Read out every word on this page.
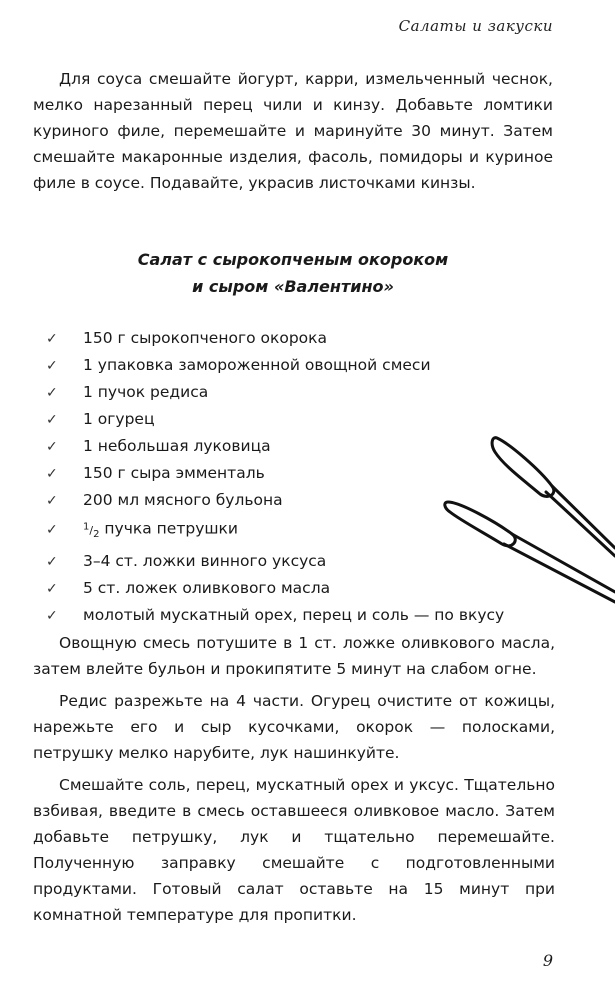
Салаты и закуски

Для соуса смешайте йогурт, карри, измельченный чеснок, мелко нарезанный перец чили и кинзу. Добавьте ломтики куриного филе, перемешайте и маринуйте 30 минут. Затем смешайте макаронные изделия, фасоль, помидоры и куриное филе в соусе. Подавайте, украсив листочками кинзы.

Салат с сырокопченым окороком
и сыром «Валентино»
✓	150 г сырокопченого окорока
✓	1 упаковка замороженной овощной смеси
✓	1 пучок редиса
✓	1 огурец
✓	1 небольшая луковица
✓	150 г сыра эмменталь
✓	200 мл мясного бульона
✓	$^1/_2$ пучка петрушки
✓	3–4 ст. ложки винного уксуса
✓	5 ст. ложек оливкового масла
✓	молотый мускатный орех, перец и соль — по вкусу

Овощную смесь потушите в 1 ст. ложке оливкового масла, затем влейте бульон и прокипятите 5 минут на слабом огне.

Редис разрежьте на 4 части. Огурец очистите от кожицы, нарежьте его и сыр кусочками, окорок — полосками, петрушку мелко нарубите, лук нашинкуйте.

Смешайте соль, перец, мускатный орех и уксус. Тщательно взбивая, введите в смесь оставшееся оливковое масло. Затем добавьте петрушку, лук и тщательно перемешайте. Полученную заправку смешайте с подготовленными продуктами. Готовый салат оставьте на 15 минут при комнатной температуре для пропитки.

9
